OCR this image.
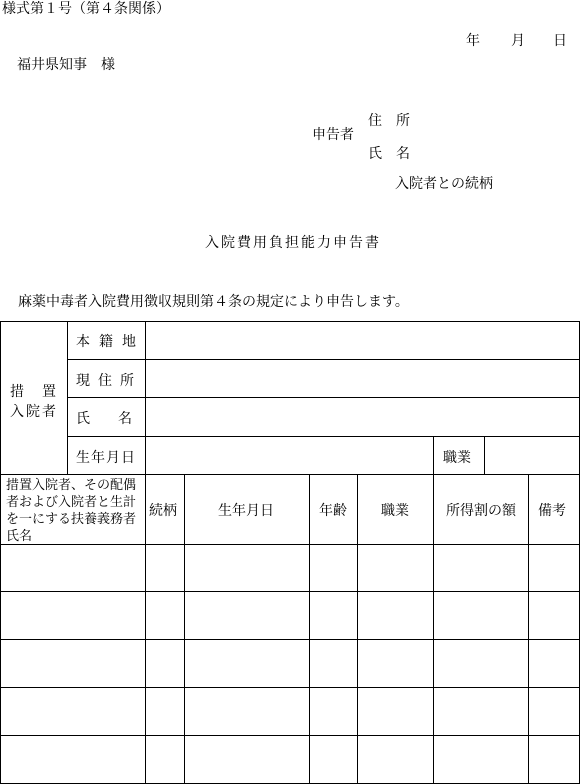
様式第１号（第４条関係）
年 月 日
福井県知事　様
申告者
住所
氏名
入院者との続柄
入院費用負担能力申告書
麻薬中毒者入院費用徴収規則第４条の規定により申告します。
措　置
入院者
本籍地
現住所
氏　　名
生年月日	職業
措置入院者、その配偶者および入院者と生計を一にする扶養義務者氏名
続柄	生年月日	年齢 職業	所得割の額 備考
